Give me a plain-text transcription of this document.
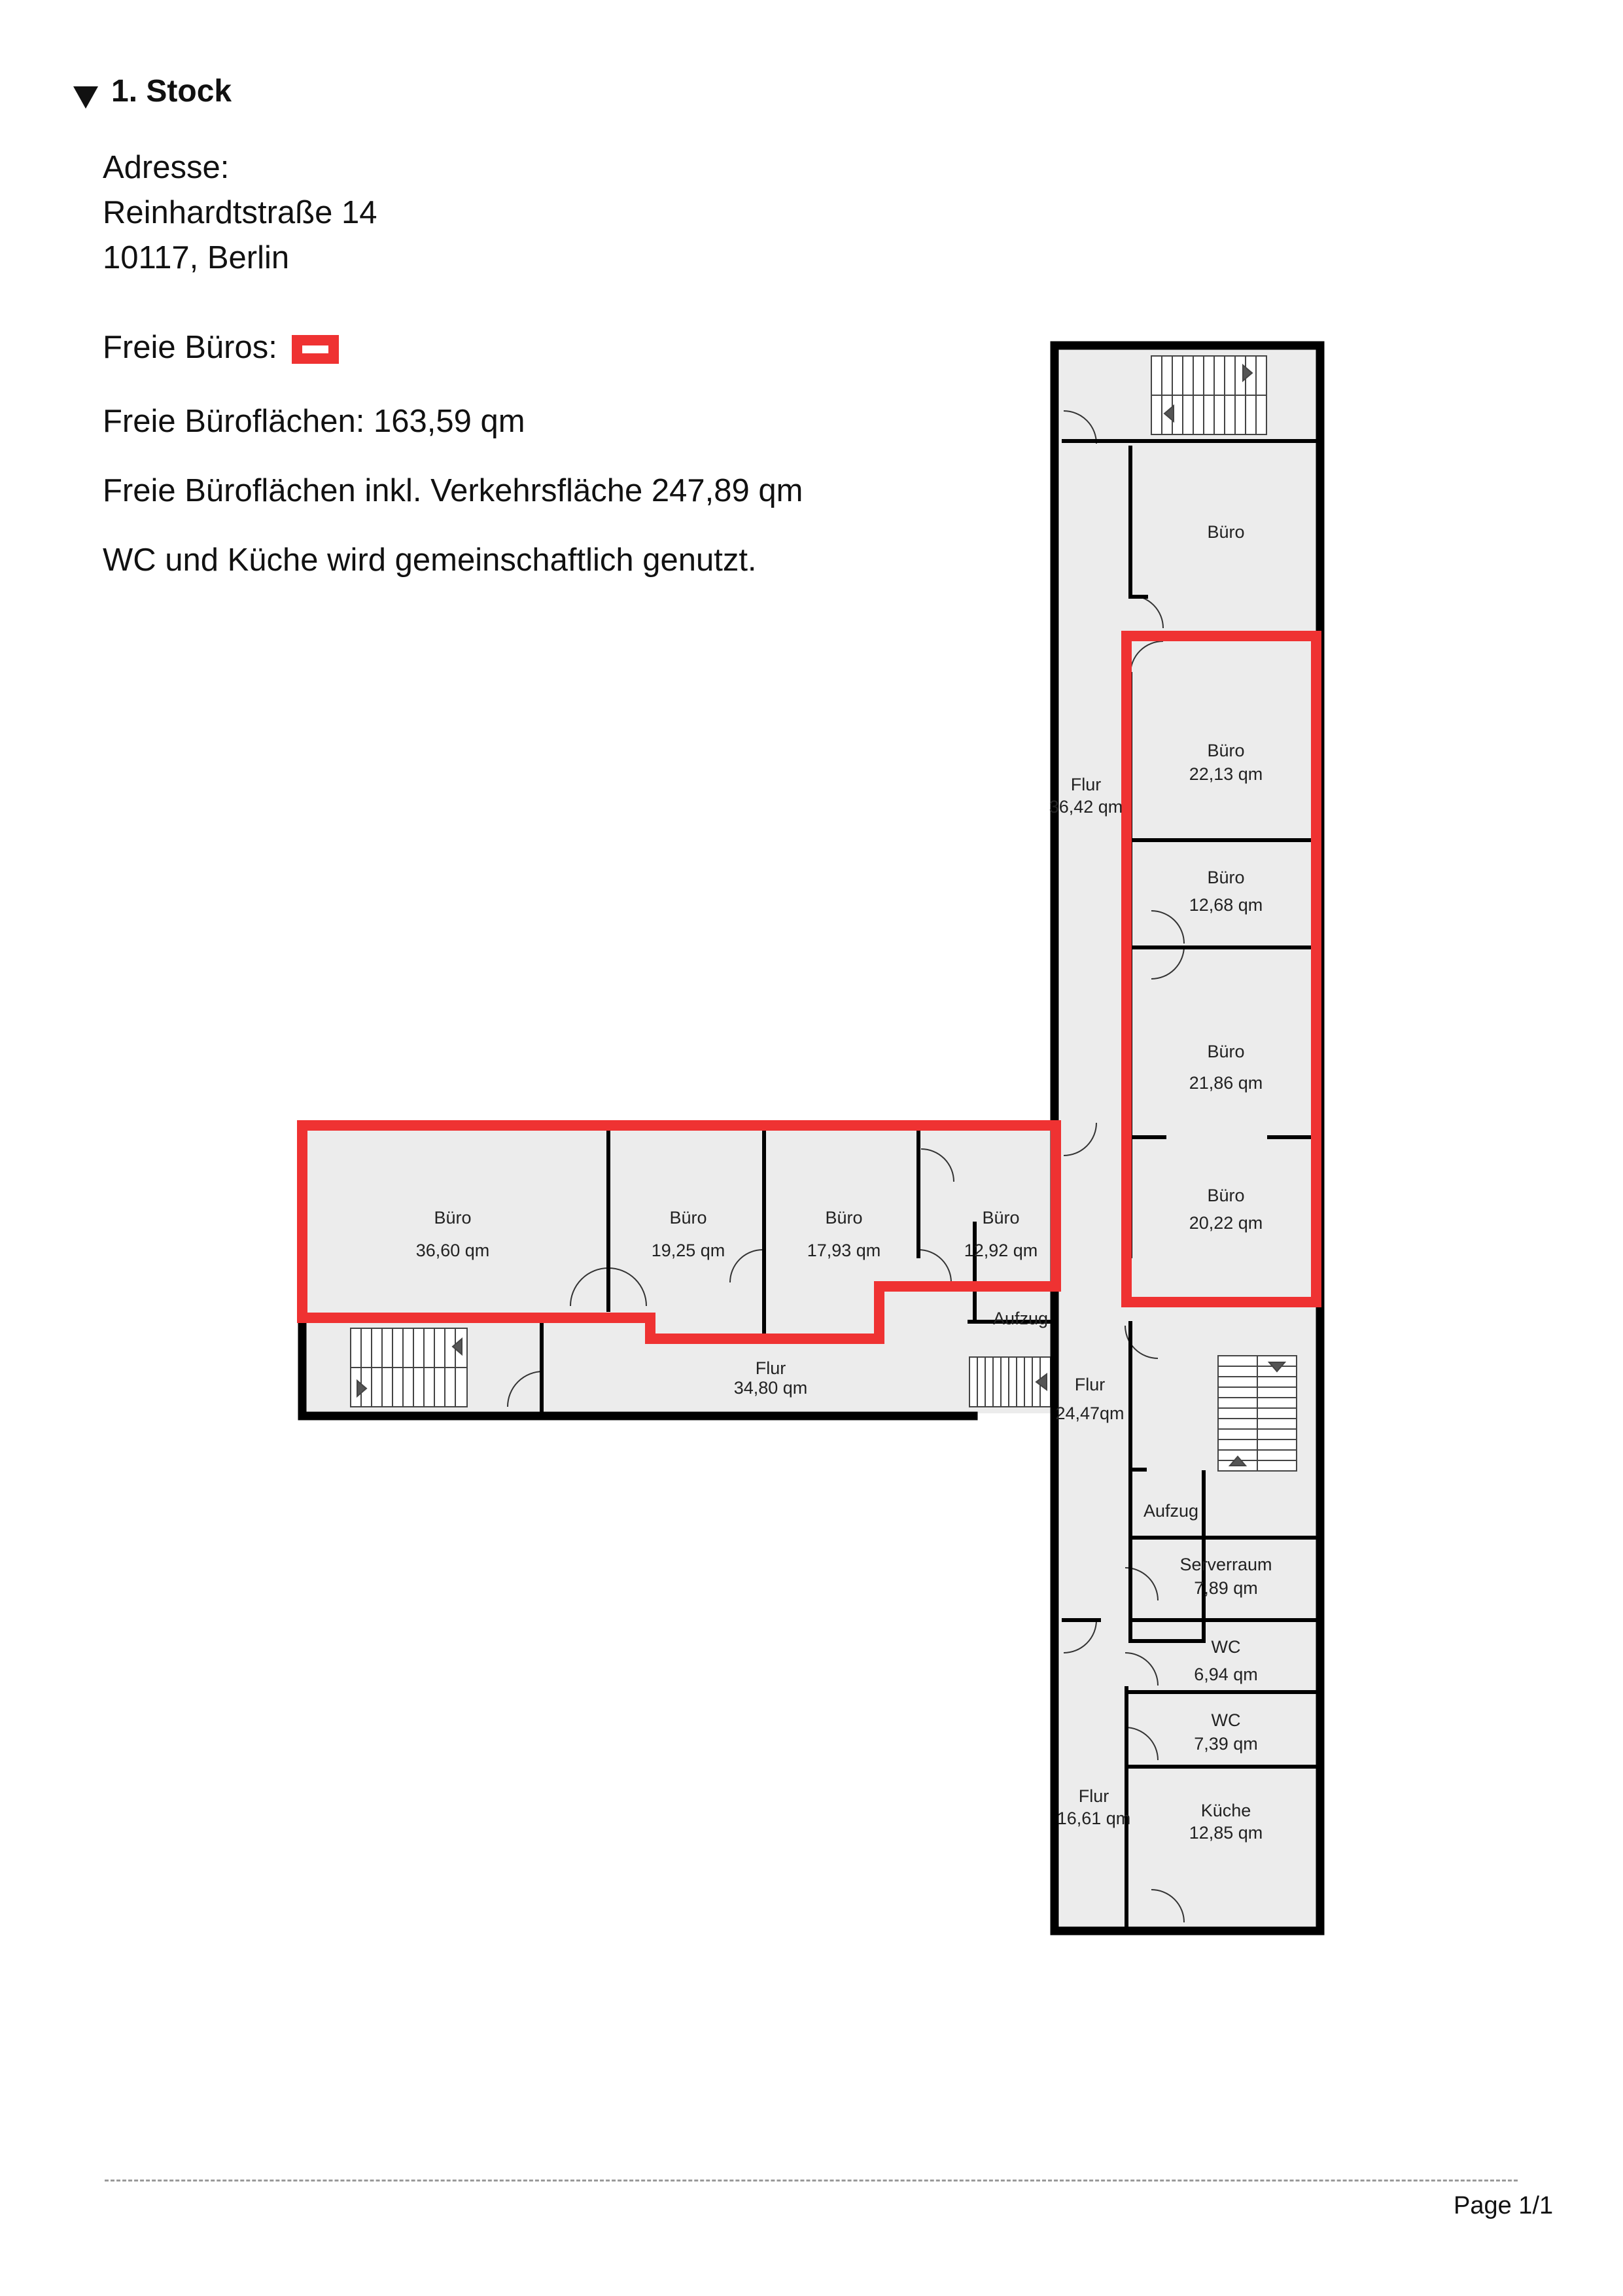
1. Stock
Adresse:
Reinhardtstraße 14
10117, Berlin
Freie Büros:
Freie Büroflächen: 163,59 qm
Freie Büroflächen inkl. Verkehrsfläche 247,89 qm
WC und Küche wird gemeinschaftlich genutzt.
Büro
Büro
22,13 qm
Büro
12,68 qm
Büro
21,86 qm
Büro
20,22 qm
Flur
36,42 qm
Büro
36,60 qm
Büro
19,25 qm
Büro
17,93 qm
Büro
12,92 qm
Aufzug
Flur
34,80 qm	Flur
24,47qm
Aufzug
Serverraum
7,89 qm
WC
6,94 qm
WC
7,39 qm
Flur
16,61 qm	Küche
12,85 qm
Page 1/1
